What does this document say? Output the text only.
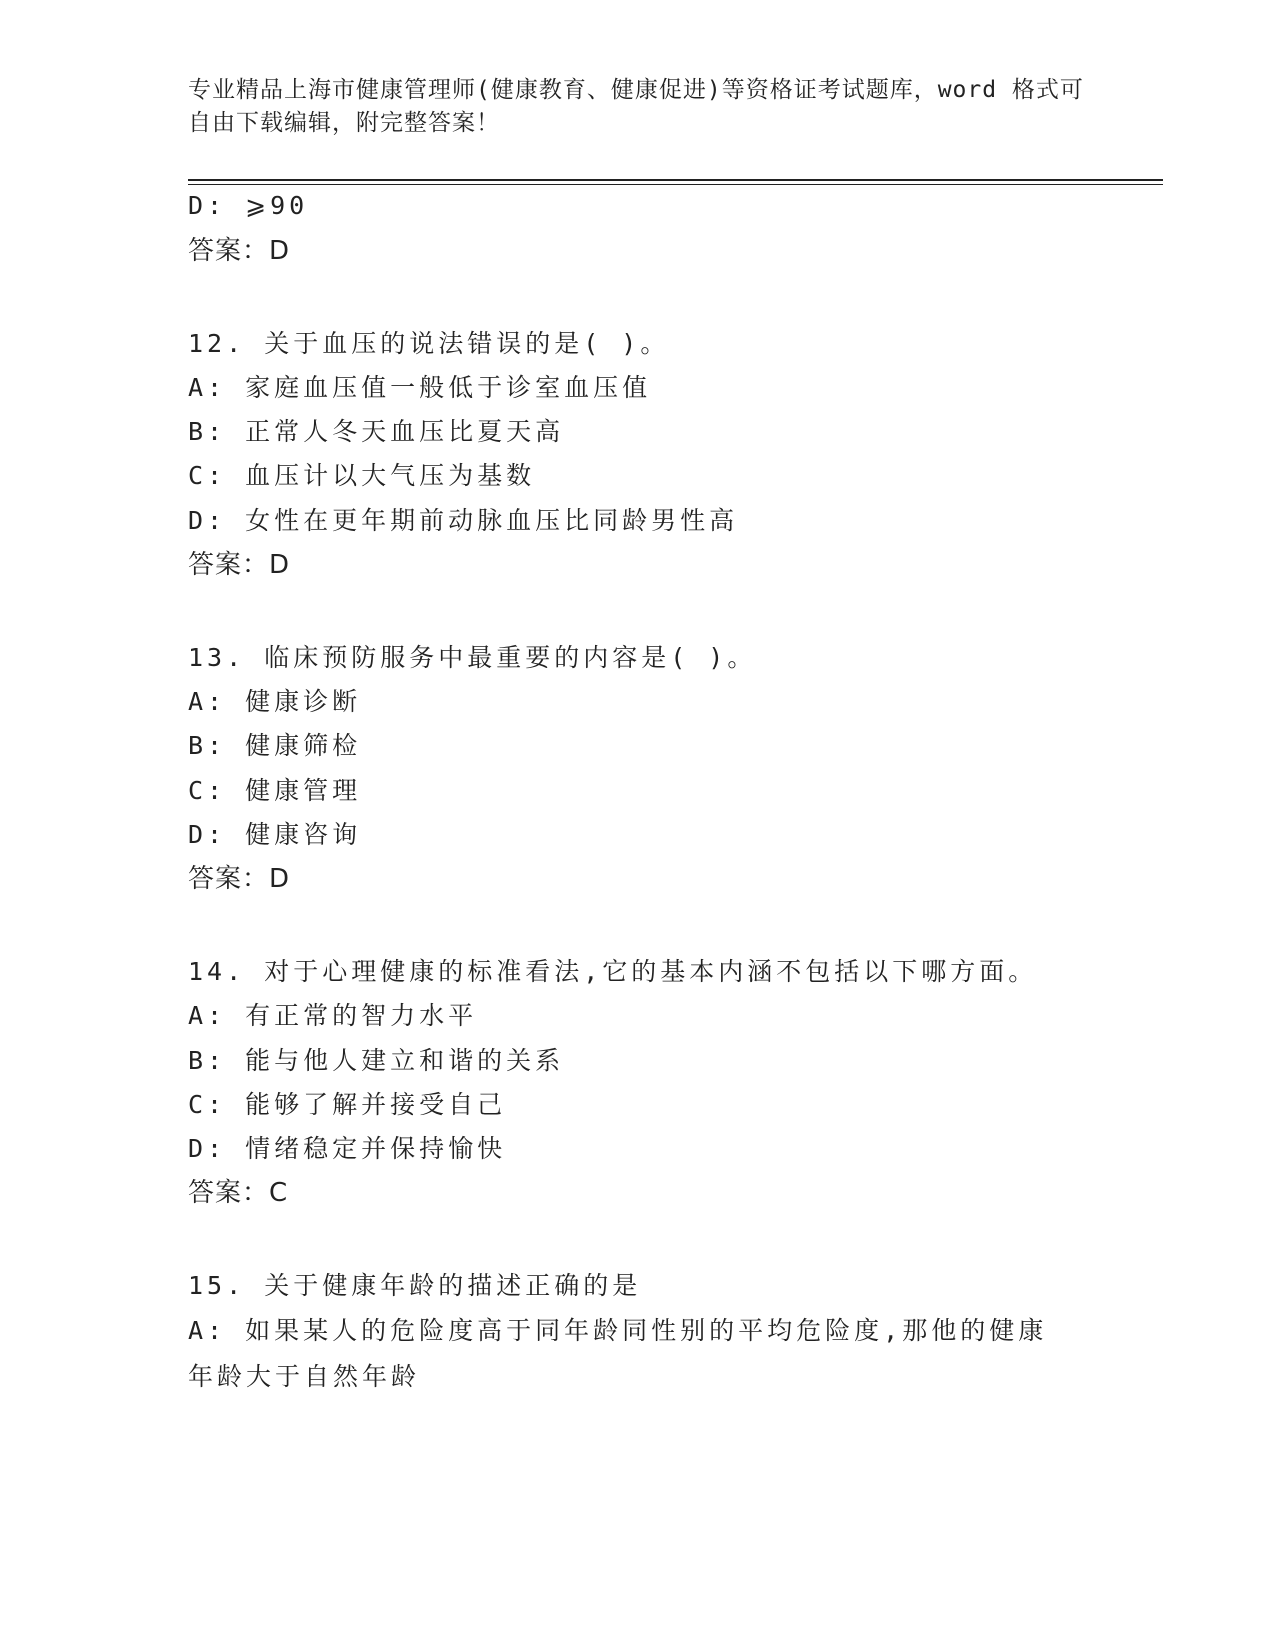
专业精品上海市健康管理师(健康教育、健康促进)等资格证考试题库，word 格式可自由下载编辑，附完整答案！
D: ⩾90
答案：D
12. 关于血压的说法错误的是( )。
A: 家庭血压值一般低于诊室血压值
B: 正常人冬天血压比夏天高
C: 血压计以大气压为基数
D: 女性在更年期前动脉血压比同龄男性高
答案：D
13. 临床预防服务中最重要的内容是( )。
A: 健康诊断
B: 健康筛检
C: 健康管理
D: 健康咨询
答案：D
14. 对于心理健康的标准看法,它的基本内涵不包括以下哪方面。
A: 有正常的智力水平
B: 能与他人建立和谐的关系
C: 能够了解并接受自己
D: 情绪稳定并保持愉快
答案：C
15. 关于健康年龄的描述正确的是
A: 如果某人的危险度高于同年龄同性别的平均危险度,那他的健康年龄大于自然年龄
